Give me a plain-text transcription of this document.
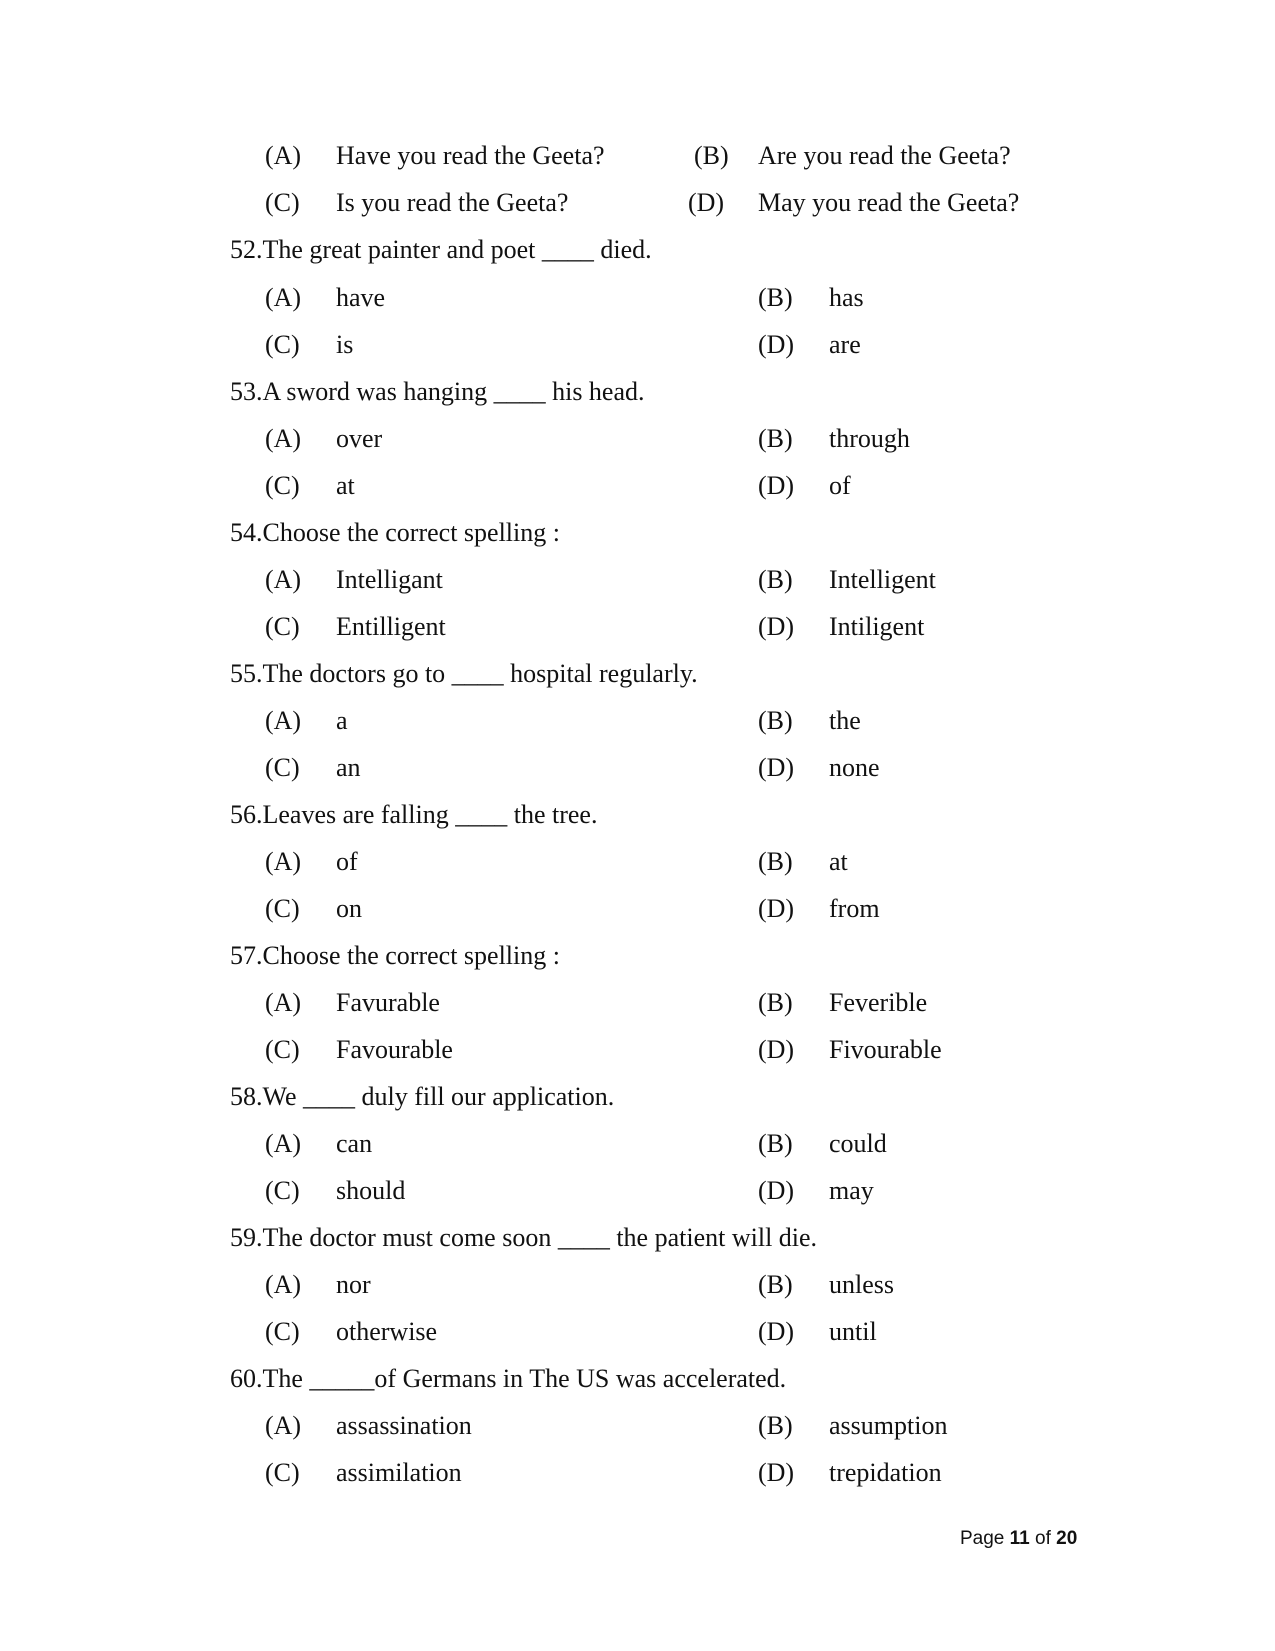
(A) Have you read the Geeta?	(B) Are you read the Geeta?
(C) Is you read the Geeta?	(D) May you read the Geeta?
52.The great painter and poet ____ died.
(A) have	(B) has
(C) is	(D) are
53.A sword was hanging ____ his head.
(A) over	(B) through
(C) at	(D) of
54.Choose the correct spelling :
(A) Intelligant	(B) Intelligent
(C) Entilligent	(D) Intiligent
55.The doctors go to ____ hospital regularly.
(A) a	(B) the
(C) an	(D) none
56.Leaves are falling ____ the tree.
(A) of	(B) at
(C) on	(D) from
57.Choose the correct spelling :
(A) Favurable	(B) Feverible
(C) Favourable	(D) Fivourable
58.We ____ duly fill our application.
(A) can	(B) could
(C) should	(D) may
59.The doctor must come soon ____ the patient will die.
(A) nor	(B) unless
(C) otherwise	(D) until
60.The _____of Germans in The US was accelerated.
(A) assassination	(B) assumption
(C) assimilation	(D) trepidation
Page 11 of 20
